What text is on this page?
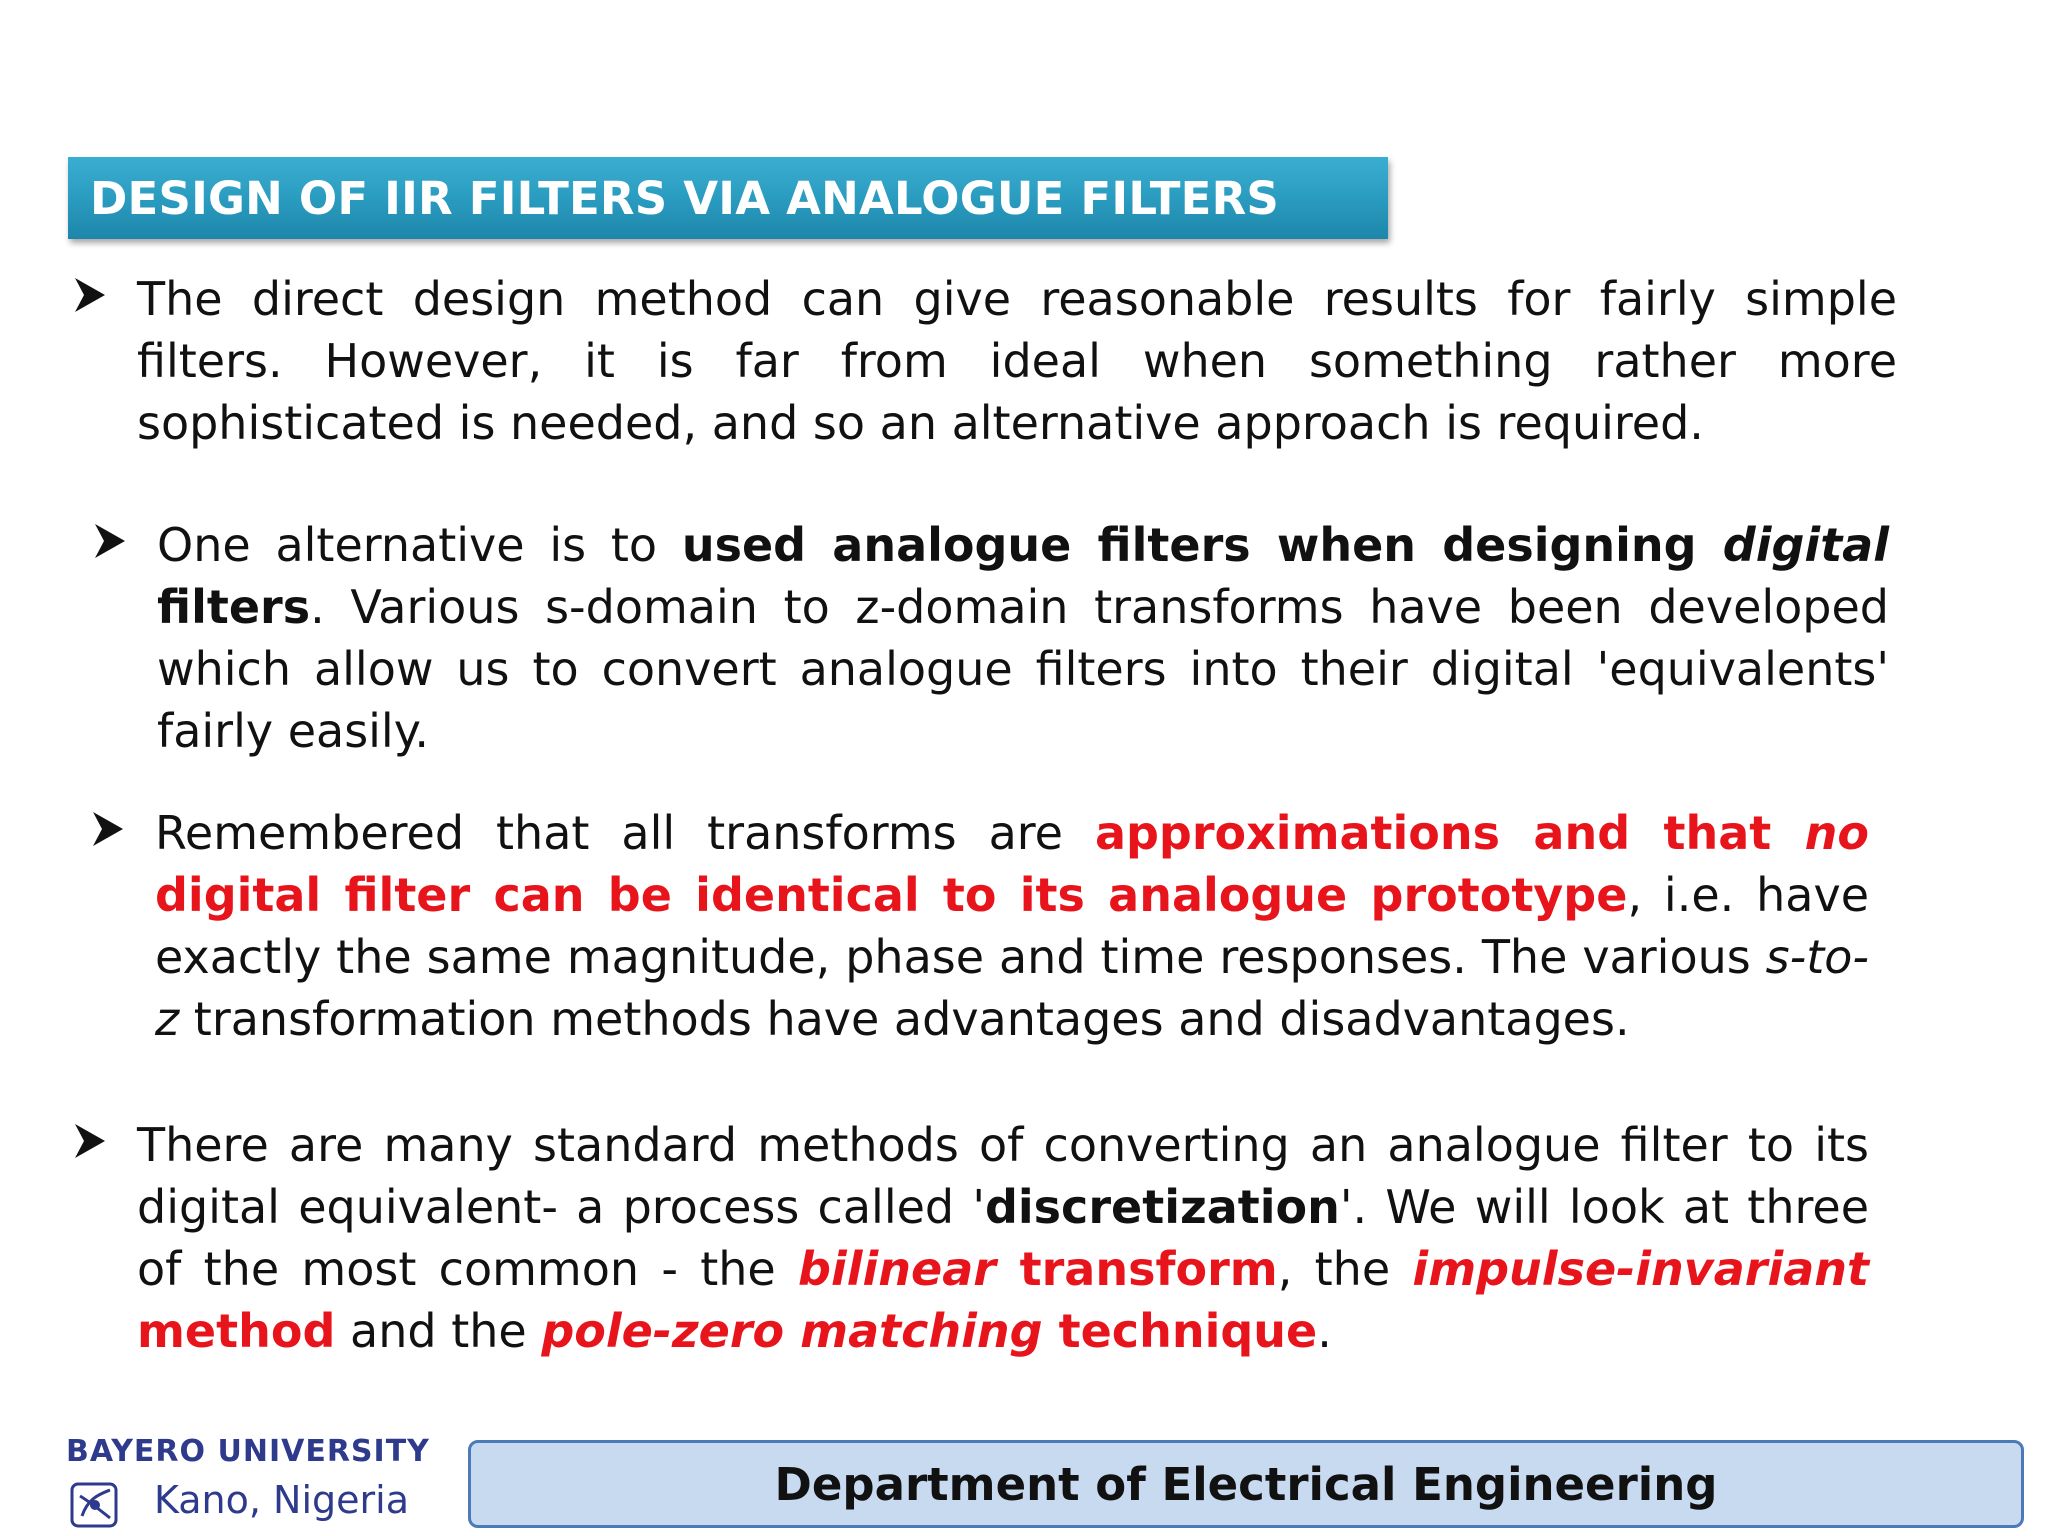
DESIGN OF IIR FILTERS VIA ANALOGUE FILTERS
The direct design method can give reasonable results for fairly simple filters. However, it is far from ideal when something rather more sophisticated is needed, and so an alternative approach is required.
One alternative is to used analogue filters when designing digital filters. Various s-domain to z-domain transforms have been developed which allow us to convert analogue filters into their digital 'equivalents' fairly easily.
Remembered that all transforms are approximations and that no digital filter can be identical to its analogue prototype, i.e. have exactly the same magnitude, phase and time responses. The various s-to-z transformation methods have advantages and disadvantages.
There are many standard methods of converting an analogue filter to its digital equivalent- a process called 'discretization'. We will look at three of the most common - the bilinear transform, the impulse-invariant method and the pole-zero matching technique.
BAYERO UNIVERSITY
Kano, Nigeria	Department of Electrical Engineering
